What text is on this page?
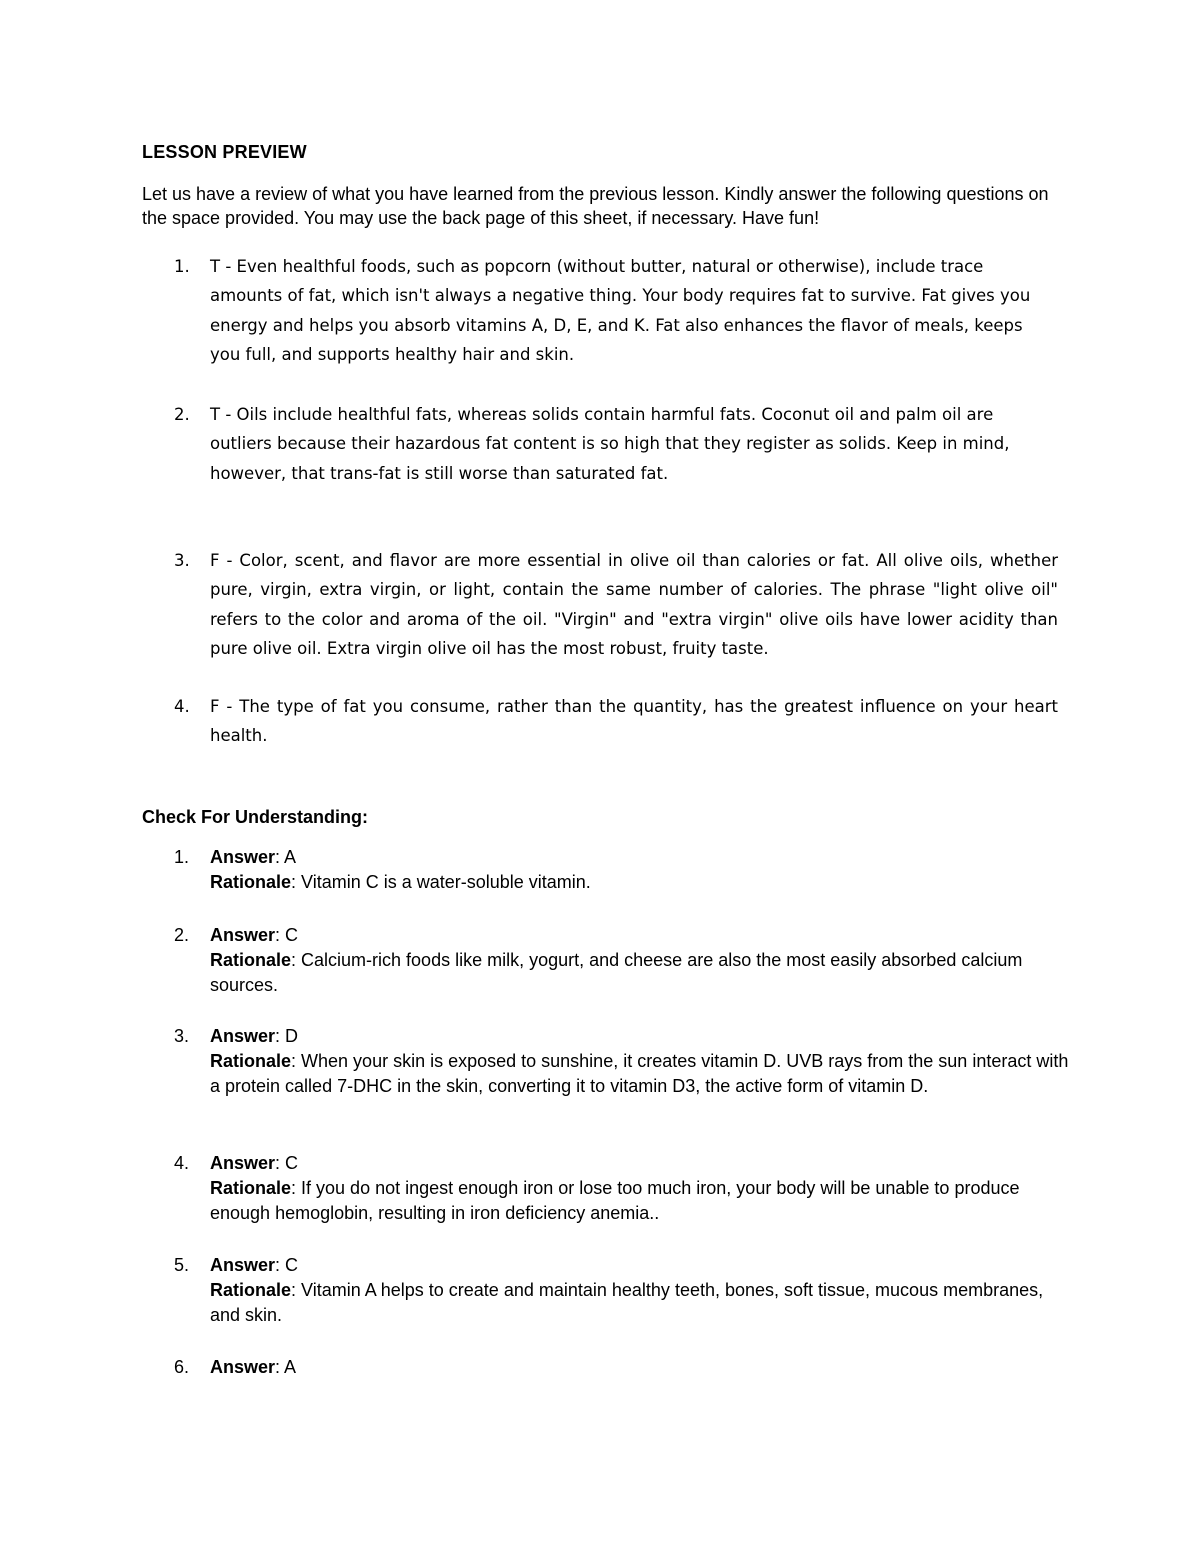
LESSON PREVIEW
Let us have a review of what you have learned from the previous lesson. Kindly answer the following questions on the space provided. You may use the back page of this sheet, if necessary. Have fun!
1. T - Even healthful foods, such as popcorn (without butter, natural or otherwise), include trace amounts of fat, which isn't always a negative thing. Your body requires fat to survive. Fat gives you energy and helps you absorb vitamins A, D, E, and K. Fat also enhances the flavor of meals, keeps you full, and supports healthy hair and skin.
2. T - Oils include healthful fats, whereas solids contain harmful fats. Coconut oil and palm oil are outliers because their hazardous fat content is so high that they register as solids. Keep in mind, however, that trans-fat is still worse than saturated fat.
3. F - Color, scent, and flavor are more essential in olive oil than calories or fat. All olive oils, whether pure, virgin, extra virgin, or light, contain the same number of calories. The phrase "light olive oil" refers to the color and aroma of the oil. "Virgin" and "extra virgin" olive oils have lower acidity than pure olive oil. Extra virgin olive oil has the most robust, fruity taste.
4. F - The type of fat you consume, rather than the quantity, has the greatest influence on your heart health.
Check For Understanding:
1. Answer: A
Rationale: Vitamin C is a water-soluble vitamin.
2. Answer: C
Rationale: Calcium-rich foods like milk, yogurt, and cheese are also the most easily absorbed calcium sources.
3. Answer: D
Rationale: When your skin is exposed to sunshine, it creates vitamin D. UVB rays from the sun interact with a protein called 7-DHC in the skin, converting it to vitamin D3, the active form of vitamin D.
4. Answer: C
Rationale: If you do not ingest enough iron or lose too much iron, your body will be unable to produce enough hemoglobin, resulting in iron deficiency anemia..
5. Answer: C
Rationale: Vitamin A helps to create and maintain healthy teeth, bones, soft tissue, mucous membranes, and skin.
6. Answer: A
